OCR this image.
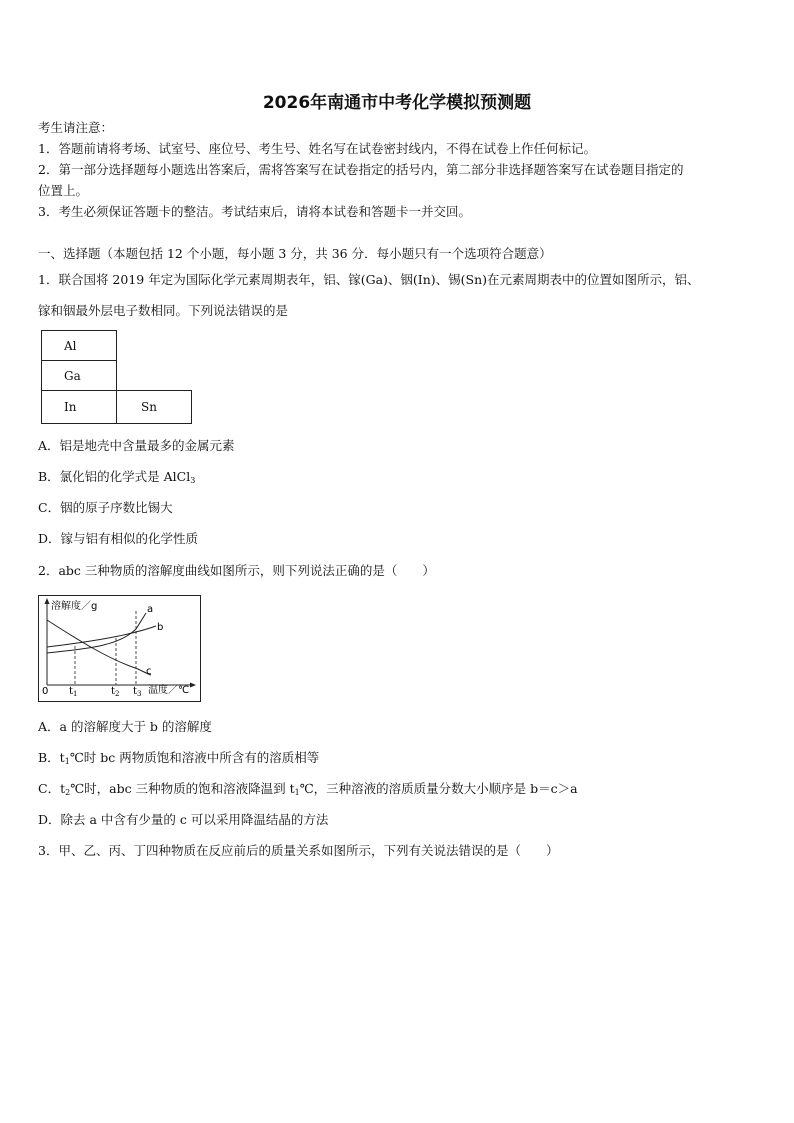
2026年南通市中考化学模拟预测题
考生请注意：
1．答题前请将考场、试室号、座位号、考生号、姓名写在试卷密封线内，不得在试卷上作任何标记。
2．第一部分选择题每小题选出答案后，需将答案写在试卷指定的括号内，第二部分非选择题答案写在试卷题目指定的
位置上。
3．考生必须保证答题卡的整洁。考试结束后，请将本试卷和答题卡一并交回。
一、选择题（本题包括 12 个小题，每小题 3 分，共 36 分．每小题只有一个选项符合题意）
1．联合国将 2019 年定为国际化学元素周期表年，铝、镓(Ga)、铟(In)、锡(Sn)在元素周期表中的位置如图所示，铝、
镓和铟最外层电子数相同。下列说法错误的是
Al	
Ga	
In	Sn
A．铝是地壳中含量最多的金属元素
B．氯化铝的化学式是 AlCl$_3$
C．铟的原子序数比锡大
D．镓与铝有相似的化学性质
2．abc 三种物质的溶解度曲线如图所示，则下列说法正确的是（　　）
溶解度／g	a
b
c
0 $t_1$	$t_2$ $t_3$ 温度／℃
A．a 的溶解度大于 b 的溶解度
B．$t_1℃$时 bc 两物质饱和溶液中所含有的溶质相等
C．$t_2℃$时，abc 三种物质的饱和溶液降温到 $t_1℃$，三种溶液的溶质质量分数大小顺序是 b＝c＞a
D．除去 a 中含有少量的 c 可以采用降温结晶的方法
3．甲、乙、丙、丁四种物质在反应前后的质量关系如图所示，下列有关说法错误的是（　　）
